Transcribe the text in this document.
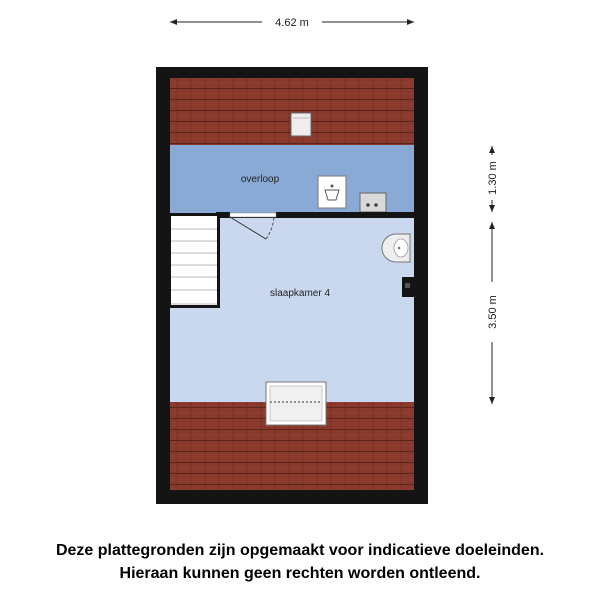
4.62 m
1.30 m
3.50 m
overloop
slaapkamer 4
Deze plattegronden zijn opgemaakt voor indicatieve doeleinden.
Hieraan kunnen geen rechten worden ontleend.
